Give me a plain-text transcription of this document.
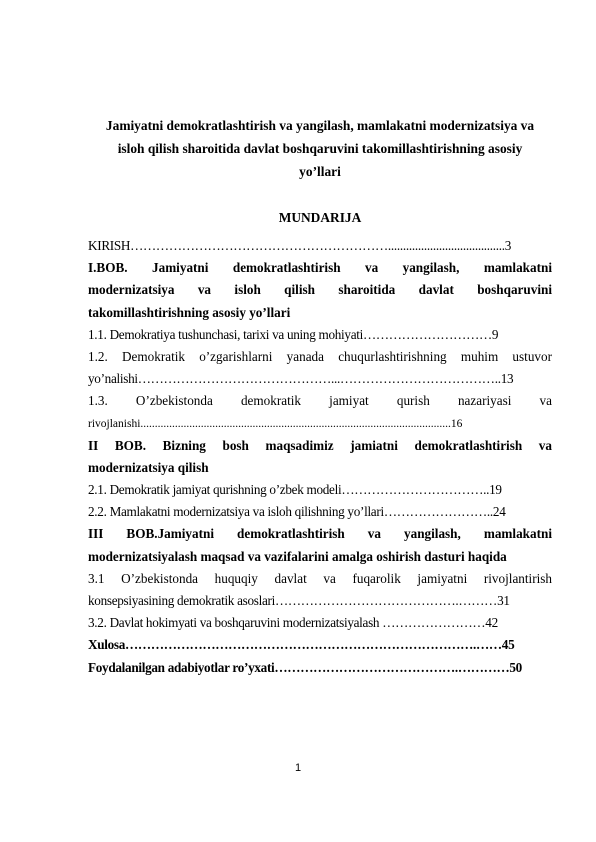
Jamiyatni demokratlashtirish va yangilash, mamlakatni modernizatsiya va
isloh qilish sharoitida davlat boshqaruvini takomillashtirishning asosiy
yo’llari
MUNDARIJA
KIRISH…………………………………………………….......................................3
I.BOB. Jamiyatni demokratlashtirish va yangilash, mamlakatni
modernizatsiya va isloh qilish sharoitida davlat boshqaruvini
takomillashtirishning asosiy yo’llari
1.1. Demokratiya tushunchasi, tarixi va uning mohiyati…………………………9
1.2. Demokratik o’zgarishlarni yanada chuqurlashtirishning muhim ustuvor
yo’nalishi………………………………………...………………………………..13
1.3. O’zbekistonda demokratik jamiyat qurish nazariyasi va
rivojlanishi............................................................................................................16
II BOB. Bizning bosh maqsadimiz jamiatni demokratlashtirish va
modernizatsiya qilish
2.1. Demokratik jamiyat qurishning o’zbek modeli……………………………..19
2.2. Mamlakatni modernizatsiya va isloh qilishning yo’llari……………………..24
III BOB.Jamiyatni demokratlashtirish va yangilash, mamlakatni
modernizatsiyalash maqsad va vazifalarini amalga oshirish dasturi haqida
3.1 O’zbekistonda huquqiy davlat va fuqarolik jamiyatni rivojlantirish
konsepsiyasining demokratik asoslari…………………………………….………31
3.2. Davlat hokimyati va boshqaruvini modernizatsiyalash ……………………42
Xulosa……………………………………………………………………….……45
Foydalanilgan adabiyotlar ro’yxati…………………………………….…………50
1
